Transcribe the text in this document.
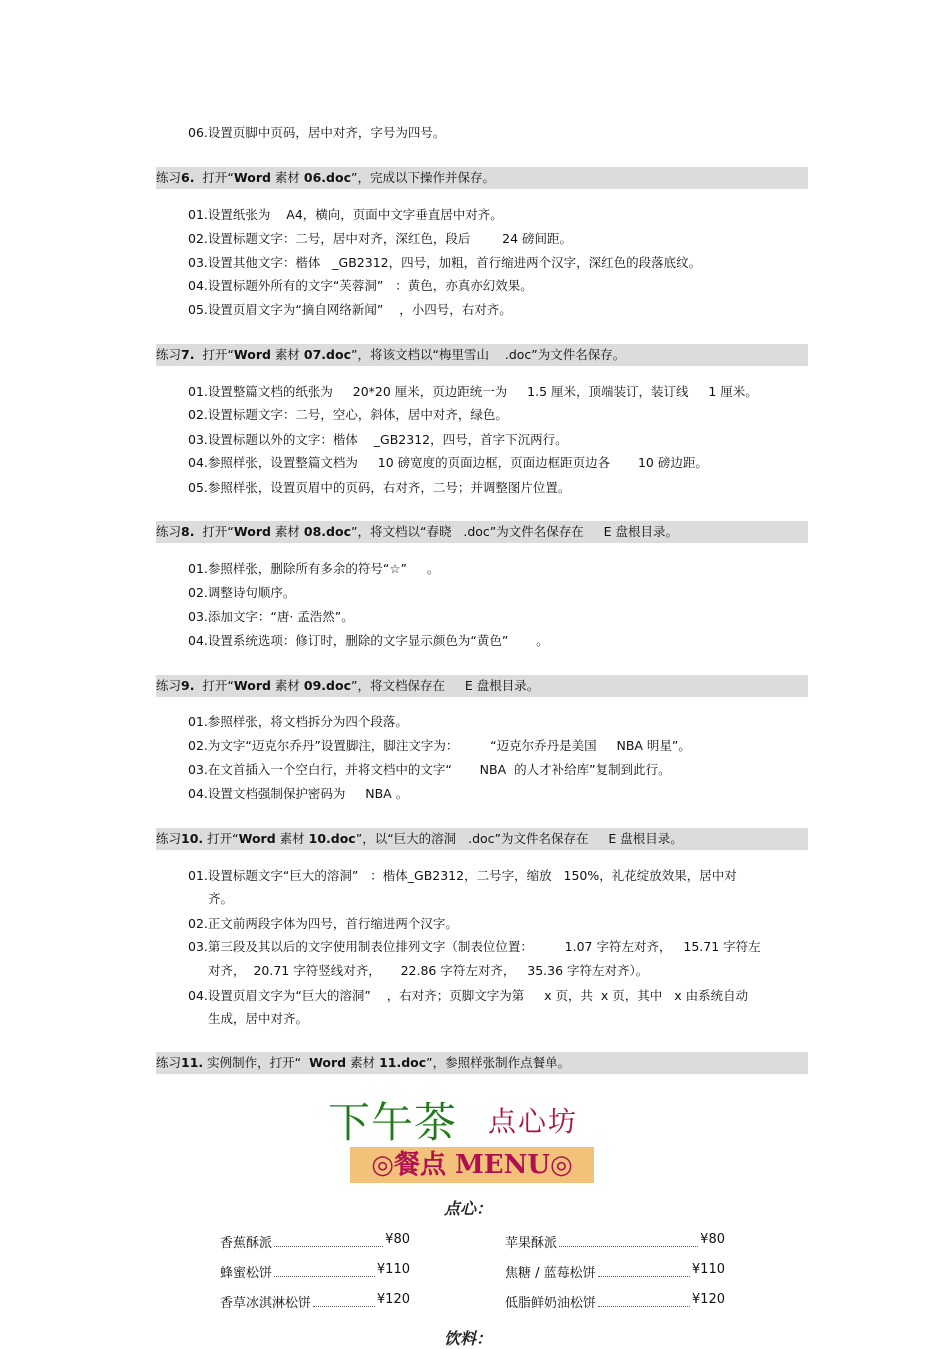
06.设置页脚中页码，居中对齐，字号为四号。
练习6.  打开“Word 素材 06.doc”，完成以下操作并保存。
01.设置纸张为    A4，横向，页面中文字垂直居中对齐。
02.设置标题文字：二号，居中对齐，深红色，段后        24 磅间距。
03.设置其他文字：楷体   _GB2312，四号，加粗，首行缩进两个汉字，深红色的段落底纹。
04.设置标题外所有的文字“芙蓉洞”   ：黄色，亦真亦幻效果。
05.设置页眉文字为“摘自网络新闻”    ，小四号，右对齐。
练习7.  打开“Word 素材 07.doc”，将该文档以“梅里雪山    .doc”为文件名保存。
01.设置整篇文档的纸张为     20*20 厘米，页边距统一为     1.5 厘米，顶端装订，装订线     1 厘米。
02.设置标题文字：二号，空心，斜体，居中对齐，绿色。
03.设置标题以外的文字：楷体    _GB2312，四号，首字下沉两行。
04.参照样张，设置整篇文档为     10 磅宽度的页面边框，页面边框距页边各       10 磅边距。
05.参照样张，设置页眉中的页码，右对齐，二号；并调整图片位置。
练习8.  打开“Word 素材 08.doc”，将文档以“春晓   .doc”为文件名保存在     E 盘根目录。
01.参照样张，删除所有多余的符号“☆”     。
02.调整诗句顺序。
03.添加文字：“唐· 孟浩然”。
04.设置系统选项：修订时，删除的文字显示颜色为“黄色”       。
练习9.  打开“Word 素材 09.doc”，将文档保存在     E 盘根目录。
01.参照样张，将文档拆分为四个段落。
02.为文字“迈克尔乔丹”设置脚注，脚注文字为：        “迈克尔乔丹是美国     NBA 明星”。
03.在文首插入一个空白行，并将文档中的文字“       NBA  的人才补给库”复制到此行。
04.设置文档强制保护密码为     NBA 。
练习10. 打开“Word 素材 10.doc”，以“巨大的溶洞   .doc”为文件名保存在     E 盘根目录。
01.设置标题文字“巨大的溶洞”   ：楷体_GB2312，二号字，缩放   150%，礼花绽放效果，居中对
齐。
02.正文前两段字体为四号，首行缩进两个汉字。
03.第三段及其以后的文字使用制表位排列文字（制表位位置：        1.07 字符左对齐，   15.71 字符左
对齐，  20.71 字符竖线对齐，     22.86 字符左对齐，   35.36 字符左对齐）。
04.设置页眉文字为“巨大的溶洞”    ，右对齐；页脚文字为第     x 页，共  x 页，其中   x 由系统自动
生成，居中对齐。
练习11. 实例制作，打开“  Word 素材 11.doc”，参照样张制作点餐单。
下午茶 点心坊
◎餐点 MENU◎
点心：
香蕉酥派	¥80	苹果酥派	¥80
蜂蜜松饼	¥110	焦糖 / 蓝莓松饼	¥110
香草冰淇淋松饼	¥120	低脂鲜奶油松饼	¥120
饮料：
